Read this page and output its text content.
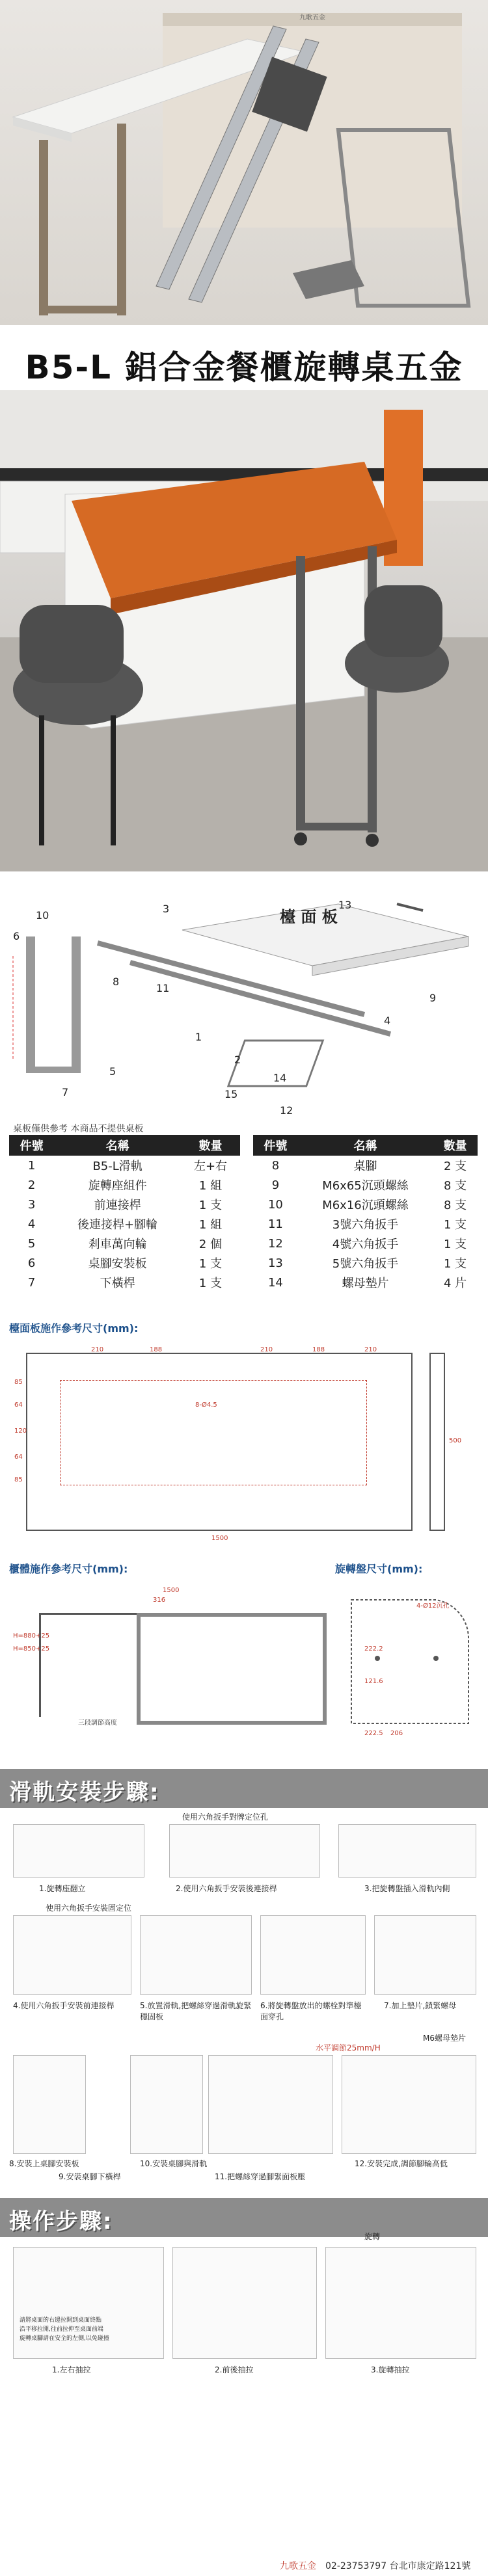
九歌五金
B5-L 鋁合金餐櫃旋轉桌五金
檯 面 板
10
6
3	13
8
11
9
4
2
1
5
7	15
14
12
桌板僅供參考 本商品不提供桌板
件號	名稱	數量
1	B5-L滑軌	左+右
2	旋轉座組件	1 組
3	前連接桿	1 支
4	後連接桿+腳輪	1 組
5	剎車萬向輪	2 個
6	桌腳安裝板	1 支
7	下橫桿	1 支
件號	名稱	數量
8	桌腳	2 支
9	M6x65沉頭螺絲	8 支
10	M6x16沉頭螺絲	8 支
11	3號六角扳手	1 支
12	4號六角扳手	1 支
13	5號六角扳手	1 支
14	螺母墊片	4 片
檯面板施作參考尺寸(mm):
210	188
8-Ø4.5
210	188	210
85
64
120
64
85
1500
500
櫃體施作參考尺寸(mm):
1500
316
H=880+25
H=850+25
三段調節高度
旋轉盤尺寸(mm):
4-Ø12沉孔
222.2
121.6
222.5 206
滑軌安裝步驟:
使用六角扳手對牌定位孔
1.旋轉座翻立	2.使用六角扳手安裝後連接桿	3.把旋轉盤插入滑軌內側
使用六角扳手安裝固定位
4.使用六角扳手安裝前連接桿	5.放置滑軌,把螺絲穿過滑軌旋緊穩固板
6.將旋轉盤放出的螺栓對準檯面穿孔
7.加上墊片,鎖緊螺母
M6螺母墊片
水平調節25mm/H
8.安裝上桌腳安裝板
9.安裝桌腳下橫桿
10.安裝桌腳與滑軌
11.把螺絲穿過腳緊面板壓
12.安裝完成,調節腳輪高低
操作步驟:
旋轉
請將桌面的右邊拉開到桌面終點
沿平移拉開,往前拉伸至桌面前端
旋轉桌腳請在安全的左側,以免碰撞
1.左右抽拉	2.前後抽拉	3.旋轉抽拉
九歌五金 02-23753797 台北市康定路121號
